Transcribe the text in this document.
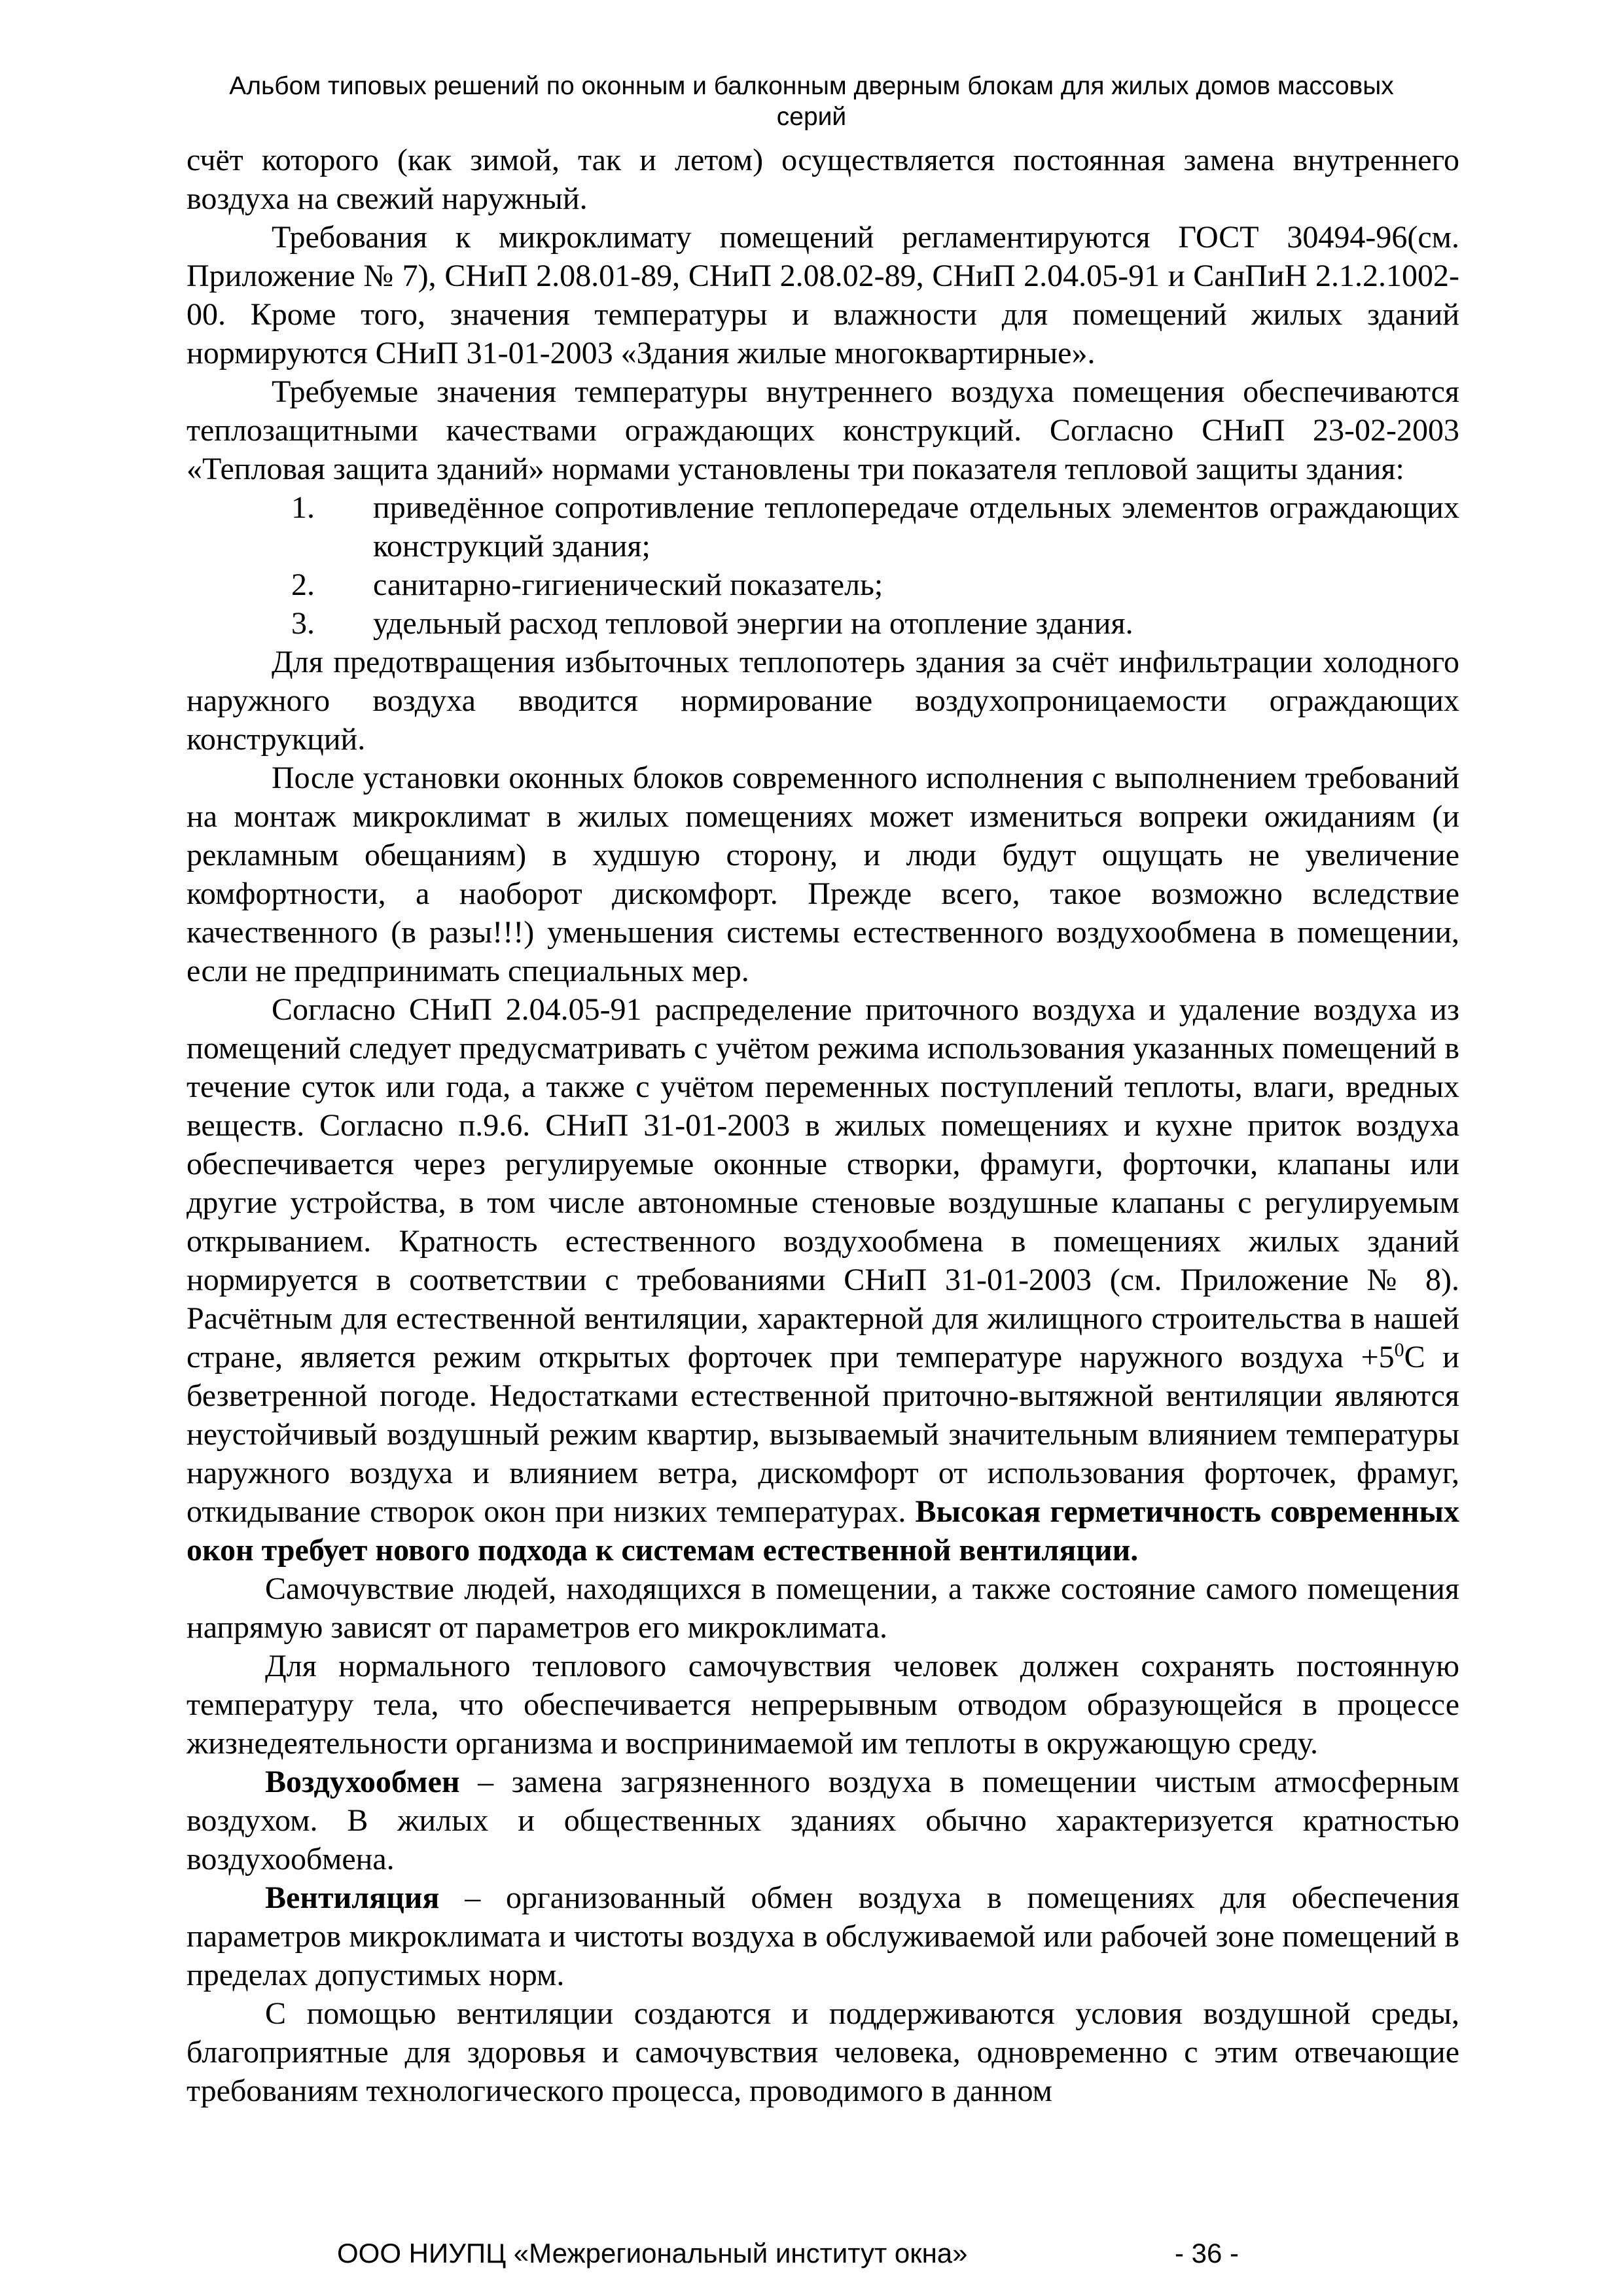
Альбом типовых решений по оконным и балконным дверным блокам для жилых домов массовых
серий

счёт которого (как зимой, так и летом) осуществляется постоянная замена внутреннего воздуха на свежий наружный.

Требования к микроклимату помещений регламентируются ГОСТ 30494-96(см. Приложение № 7), СНиП 2.08.01-89, СНиП 2.08.02-89, СНиП 2.04.05-91 и СанПиН 2.1.2.1002-00. Кроме того, значения температуры и влажности для помещений жилых зданий нормируются СНиП 31-01-2003 «Здания жилые многоквартирные».

Требуемые значения температуры внутреннего воздуха помещения обеспечиваются теплозащитными качествами ограждающих конструкций. Согласно СНиП 23-02-2003 «Тепловая защита зданий» нормами установлены три показателя тепловой защиты здания:

1.	приведённое сопротивление теплопередаче отдельных элементов ограждающих конструкций здания;
2.	санитарно-гигиенический показатель;
3.	удельный расход тепловой энергии на отопление здания.

Для предотвращения избыточных теплопотерь здания за счёт инфильтрации холодного наружного воздуха вводится нормирование воздухопроницаемости ограждающих конструкций.

После установки оконных блоков современного исполнения с выполнением требований на монтаж микроклимат в жилых помещениях может измениться вопреки ожиданиям (и рекламным обещаниям) в худшую сторону, и люди будут ощущать не увеличение комфортности, а наоборот дискомфорт. Прежде всего, такое возможно вследствие качественного (в разы!!!) уменьшения системы естественного воздухообмена в помещении, если не предпринимать специальных мер.

Согласно СНиП 2.04.05-91 распределение приточного воздуха и удаление воздуха из помещений следует предусматривать с учётом режима использования указанных помещений в течение суток или года, а также с учётом переменных поступлений теплоты, влаги, вредных веществ. Согласно п.9.6. СНиП 31-01-2003 в жилых помещениях и кухне приток воздуха обеспечивается через регулируемые оконные створки, фрамуги, форточки, клапаны или другие устройства, в том числе автономные стеновые воздушные клапаны с регулируемым открыванием. Кратность естественного воздухообмена в помещениях жилых зданий нормируется в соответствии с требованиями СНиП 31-01-2003 (см. Приложение № 8). Расчётным для естественной вентиляции, характерной для жилищного строительства в нашей стране, является режим открытых форточек при температуре наружного воздуха $+5^0С$ и безветренной погоде. Недостатками естественной приточно-вытяжной вентиляции являются неустойчивый воздушный режим квартир, вызываемый значительным влиянием температуры наружного воздуха и влиянием ветра, дискомфорт от использования форточек, фрамуг, откидывание створок окон при низких температурах. Высокая герметичность современных окон требует нового подхода к системам естественной вентиляции.

Самочувствие людей, находящихся в помещении, а также состояние самого помещения напрямую зависят от параметров его микроклимата.

Для нормального теплового самочувствия человек должен сохранять постоянную температуру тела, что обеспечивается непрерывным отводом образующейся в процессе жизнедеятельности организма и воспринимаемой им теплоты в окружающую среду.

Воздухообмен – замена загрязненного воздуха в помещении чистым атмосферным воздухом. В жилых и общественных зданиях обычно характеризуется кратностью воздухообмена.

Вентиляция – организованный обмен воздуха в помещениях для обеспечения параметров микроклимата и чистоты воздуха в обслуживаемой или рабочей зоне помещений в пределах допустимых норм.

С помощью вентиляции создаются и поддерживаются условия воздушной среды, благоприятные для здоровья и самочувствия человека, одновременно с этим отвечающие требованиям технологического процесса, проводимого в данном

ООО НИУПЦ «Межрегиональный институт окна»	- 36 -
